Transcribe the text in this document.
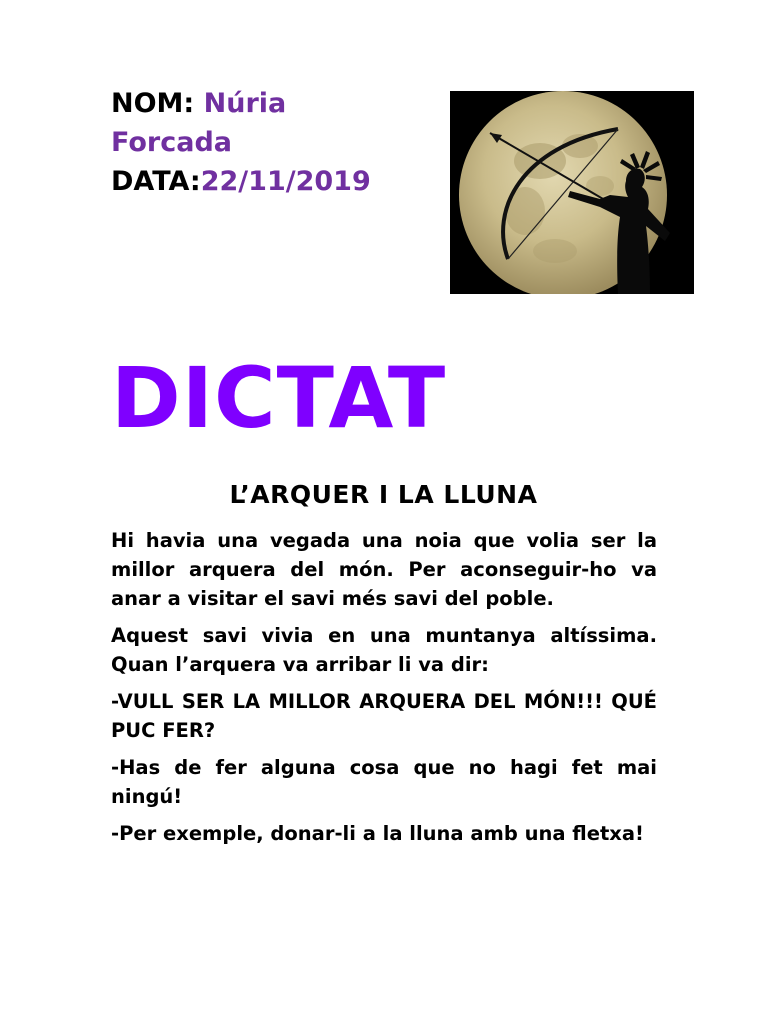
NOM: Núria

Forcada

DATA:22/11/2019

DICTAT
L’ARQUER I LA LLUNA

Hi havia una vegada una noia que volia ser la millor arquera del món. Per aconseguir-ho va anar a visitar el savi més savi del poble.

Aquest savi vivia en una muntanya altíssima. Quan l’arquera va arribar li va dir:

-VULL SER LA MILLOR ARQUERA DEL MÓN!!! QUÉ PUC FER?

-Has de fer alguna cosa que no hagi fet mai ningú!

-Per exemple, donar-li a la lluna amb una fletxa!
